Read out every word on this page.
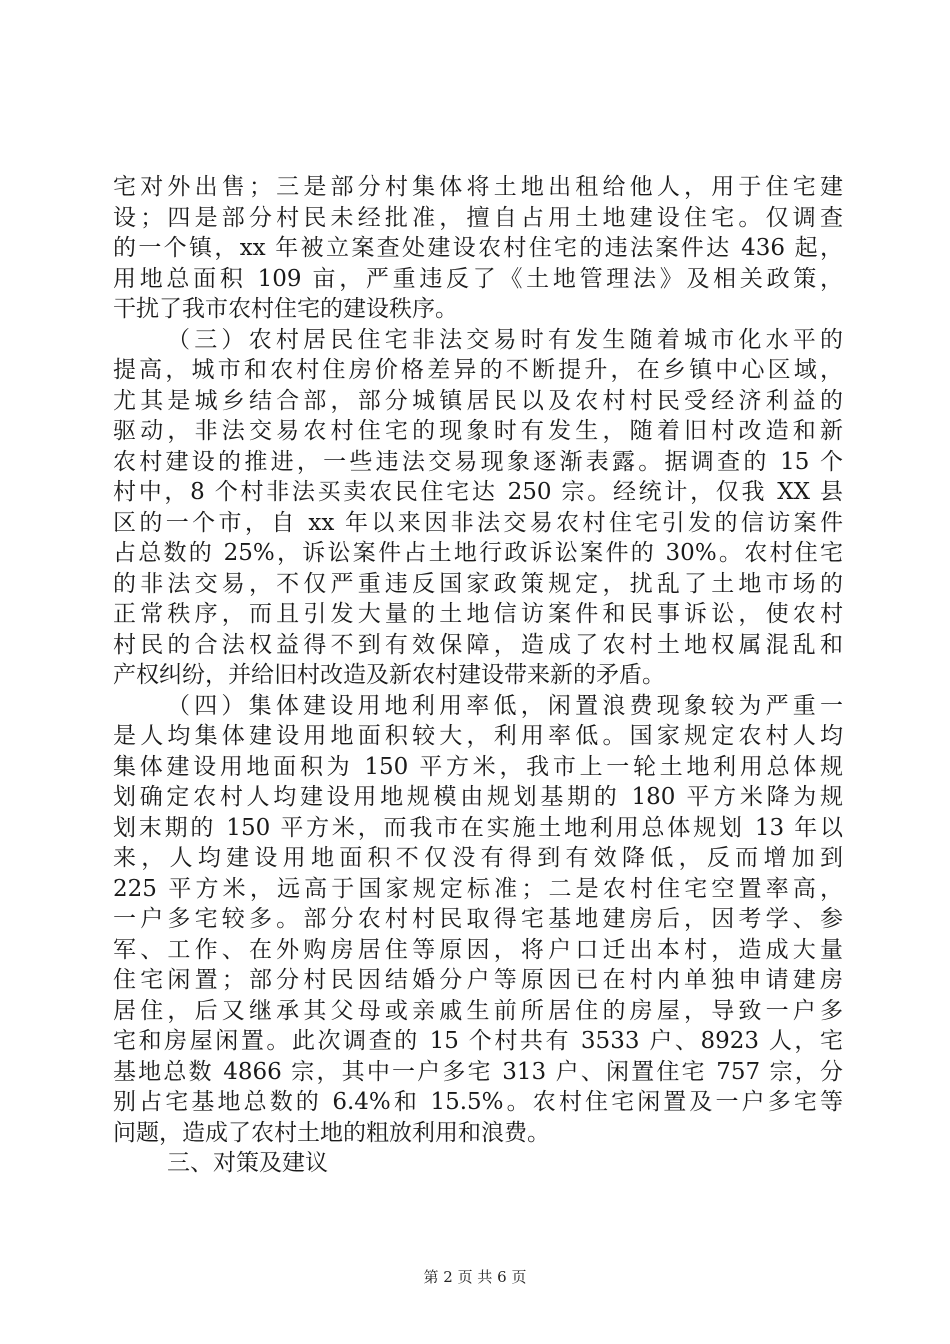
宅对外出售；三是部分村集体将土地出租给他人，用于住宅建
设；四是部分村民未经批准，擅自占用土地建设住宅。仅调查
的一个镇，xx 年被立案查处建设农村住宅的违法案件达 436 起，
用地总面积 109 亩，严重违反了《土地管理法》及相关政策，
干扰了我市农村住宅的建设秩序。
（三）农村居民住宅非法交易时有发生随着城市化水平的
提高，城市和农村住房价格差异的不断提升，在乡镇中心区域，
尤其是城乡结合部，部分城镇居民以及农村村民受经济利益的
驱动，非法交易农村住宅的现象时有发生，随着旧村改造和新
农村建设的推进，一些违法交易现象逐渐表露。据调查的 15 个
村中，8 个村非法买卖农民住宅达 250 宗。经统计，仅我 XX 县
区的一个市，自 xx 年以来因非法交易农村住宅引发的信访案件
占总数的 25%，诉讼案件占土地行政诉讼案件的 30%。农村住宅
的非法交易，不仅严重违反国家政策规定，扰乱了土地市场的
正常秩序，而且引发大量的土地信访案件和民事诉讼，使农村
村民的合法权益得不到有效保障，造成了农村土地权属混乱和
产权纠纷，并给旧村改造及新农村建设带来新的矛盾。
（四）集体建设用地利用率低，闲置浪费现象较为严重一
是人均集体建设用地面积较大，利用率低。国家规定农村人均
集体建设用地面积为 150 平方米，我市上一轮土地利用总体规
划确定农村人均建设用地规模由规划基期的 180 平方米降为规
划末期的 150 平方米，而我市在实施土地利用总体规划 13 年以
来，人均建设用地面积不仅没有得到有效降低，反而增加到
225 平方米，远高于国家规定标准；二是农村住宅空置率高，
一户多宅较多。部分农村村民取得宅基地建房后，因考学、参
军、工作、在外购房居住等原因，将户口迁出本村，造成大量
住宅闲置；部分村民因结婚分户等原因已在村内单独申请建房
居住，后又继承其父母或亲戚生前所居住的房屋，导致一户多
宅和房屋闲置。此次调查的 15 个村共有 3533 户、8923 人，宅
基地总数 4866 宗，其中一户多宅 313 户、闲置住宅 757 宗，分
别占宅基地总数的 6.4%和 15.5%。农村住宅闲置及一户多宅等
问题，造成了农村土地的粗放利用和浪费。
三、对策及建议
第 2 页 共 6 页
